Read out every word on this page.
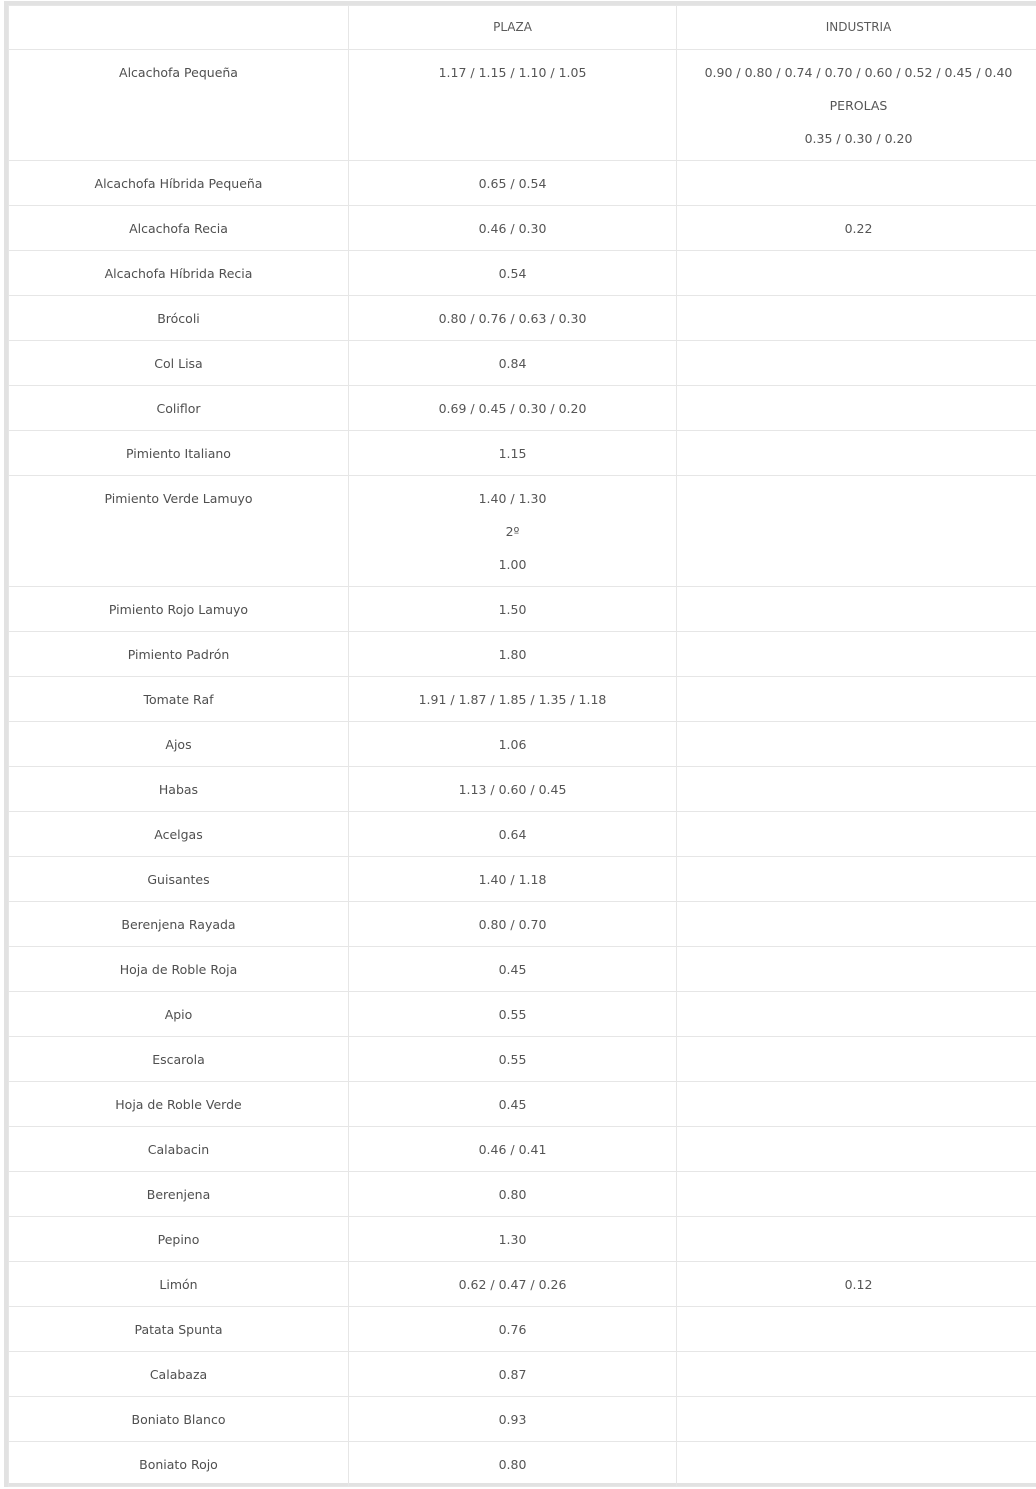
	PLAZA	INDUSTRIA
Alcachofa Pequeña	1.17 / 1.15 / 1.10 / 1.05	0.90 / 0.80 / 0.74 / 0.70 / 0.60 / 0.52 / 0.45 / 0.40
PEROLAS
0.35 / 0.30 / 0.20

Alcachofa Híbrida Pequeña	0.65 / 0.54	

Alcachofa Recia	0.46 / 0.30	0.22

Alcachofa Híbrida Recia	0.54	

Brócoli	0.80 / 0.76 / 0.63 / 0.30	

Col Lisa	0.84	

Coliflor	0.69 / 0.45 / 0.30 / 0.20	

Pimiento Italiano	1.15	

Pimiento Verde Lamuyo	1.40 / 1.30
2º
1.00	

Pimiento Rojo Lamuyo	1.50	

Pimiento Padrón	1.80	

Tomate Raf	1.91 / 1.87 / 1.85 / 1.35 / 1.18	

Ajos	1.06	

Habas	1.13 / 0.60 / 0.45	

Acelgas	0.64	

Guisantes	1.40 / 1.18	

Berenjena Rayada	0.80 / 0.70	

Hoja de Roble Roja	0.45	

Apio	0.55	

Escarola	0.55	

Hoja de Roble Verde	0.45	

Calabacin	0.46 / 0.41	

Berenjena	0.80	

Pepino	1.30	

Limón	0.62 / 0.47 / 0.26	0.12

Patata Spunta	0.76	

Calabaza	0.87	

Boniato Blanco	0.93	

Boniato Rojo	0.80	
